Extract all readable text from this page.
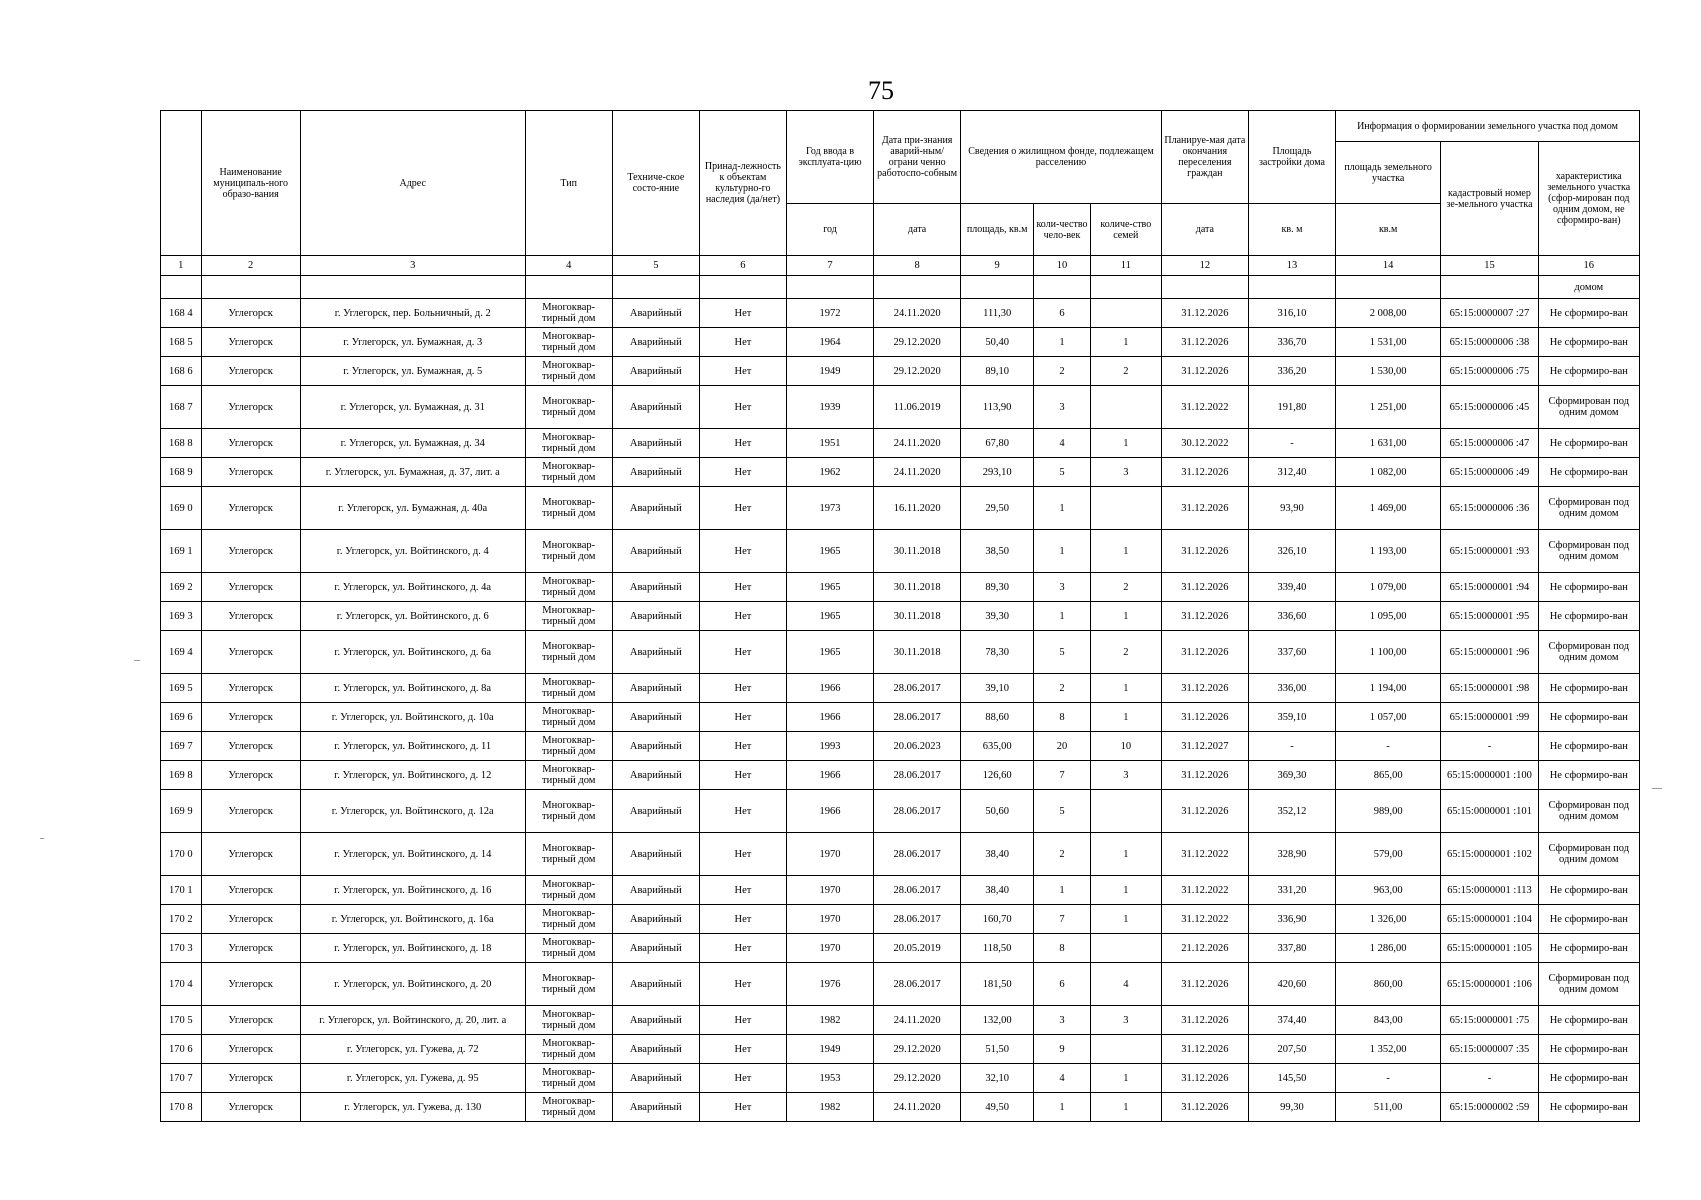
75
	Наименование муниципаль-ного образо-вания	Адрес	Тип	Техниче-ское состо-яние	Принад-лежность к объектам культурно-го наследия (да/нет)	Год ввода в эксплуата-цию	Дата при-знания аварий-ным/ограни ченно работоспо-собным	Сведения о жилищном фонде, подлежащем расселению			Планируе-мая дата окончания переселения граждан	Площадь застройки дома	Информация о формировании земельного участка под домом		
													площадь земельного участка	кадастровый номер зе-мельного участка	характеристика земельного участка (сфор-мирован под одним домом, не сформиро-ван)
						год	дата	площадь, кв.м	коли-чество чело-век	количе-ство семей	дата	кв. м	кв.м		
1	2	3	4	5	6	7	8	9	10	11	12	13	14	15	16
															домом
168 4	Углегорск	г. Углегорск, пер. Больничный, д. 2	Многоквар-тирный дом	Аварийный	Нет	1972	24.11.2020	111,30	6		31.12.2026	316,10	2 008,00	65:15:0000007 :27	Не сформиро-ван
168 5	Углегорск	г. Углегорск, ул. Бумажная, д. 3	Многоквар-тирный дом	Аварийный	Нет	1964	29.12.2020	50,40	1	1	31.12.2026	336,70	1 531,00	65:15:0000006 :38	Не сформиро-ван
168 6	Углегорск	г. Углегорск, ул. Бумажная, д. 5	Многоквар-тирный дом	Аварийный	Нет	1949	29.12.2020	89,10	2	2	31.12.2026	336,20	1 530,00	65:15:0000006 :75	Не сформиро-ван
168 7	Углегорск	г. Углегорск, ул. Бумажная, д. 31	Многоквар-тирный дом	Аварийный	Нет	1939	11.06.2019	113,90	3		31.12.2022	191,80	1 251,00	65:15:0000006 :45	Сформирован под одним домом
168 8	Углегорск	г. Углегорск, ул. Бумажная, д. 34	Многоквар-тирный дом	Аварийный	Нет	1951	24.11.2020	67,80	4	1	30.12.2022	-	1 631,00	65:15:0000006 :47	Не сформиро-ван
168 9	Углегорск	г. Углегорск, ул. Бумажная, д. 37, лит. а	Многоквар-тирный дом	Аварийный	Нет	1962	24.11.2020	293,10	5	3	31.12.2026	312,40	1 082,00	65:15:0000006 :49	Не сформиро-ван
169 0	Углегорск	г. Углегорск, ул. Бумажная, д. 40а	Многоквар-тирный дом	Аварийный	Нет	1973	16.11.2020	29,50	1		31.12.2026	93,90	1 469,00	65:15:0000006 :36	Сформирован под одним домом
169 1	Углегорск	г. Углегорск, ул. Войтинского, д. 4	Многоквар-тирный дом	Аварийный	Нет	1965	30.11.2018	38,50	1	1	31.12.2026	326,10	1 193,00	65:15:0000001 :93	Сформирован под одним домом
169 2	Углегорск	г. Углегорск, ул. Войтинского, д. 4а	Многоквар-тирный дом	Аварийный	Нет	1965	30.11.2018	89,30	3	2	31.12.2026	339,40	1 079,00	65:15:0000001 :94	Не сформиро-ван
169 3	Углегорск	г. Углегорск, ул. Войтинского, д. 6	Многоквар-тирный дом	Аварийный	Нет	1965	30.11.2018	39,30	1	1	31.12.2026	336,60	1 095,00	65:15:0000001 :95	Не сформиро-ван
169 4	Углегорск	г. Углегорск, ул. Войтинского, д. 6а	Многоквар-тирный дом	Аварийный	Нет	1965	30.11.2018	78,30	5	2	31.12.2026	337,60	1 100,00	65:15:0000001 :96	Сформирован под одним домом
169 5	Углегорск	г. Углегорск, ул. Войтинского, д. 8а	Многоквар-тирный дом	Аварийный	Нет	1966	28.06.2017	39,10	2	1	31.12.2026	336,00	1 194,00	65:15:0000001 :98	Не сформиро-ван
169 6	Углегорск	г. Углегорск, ул. Войтинского, д. 10а	Многоквар-тирный дом	Аварийный	Нет	1966	28.06.2017	88,60	8	1	31.12.2026	359,10	1 057,00	65:15:0000001 :99	Не сформиро-ван
169 7	Углегорск	г. Углегорск, ул. Войтинского, д. 11	Многоквар-тирный дом	Аварийный	Нет	1993	20.06.2023	635,00	20	10	31.12.2027	-	-	-	Не сформиро-ван
169 8	Углегорск	г. Углегорск, ул. Войтинского, д. 12	Многоквар-тирный дом	Аварийный	Нет	1966	28.06.2017	126,60	7	3	31.12.2026	369,30	865,00	65:15:0000001 :100	Не сформиро-ван
169 9	Углегорск	г. Углегорск, ул. Войтинского, д. 12а	Многоквар-тирный дом	Аварийный	Нет	1966	28.06.2017	50,60	5		31.12.2026	352,12	989,00	65:15:0000001 :101	Сформирован под одним домом
170 0	Углегорск	г. Углегорск, ул. Войтинского, д. 14	Многоквар-тирный дом	Аварийный	Нет	1970	28.06.2017	38,40	2	1	31.12.2022	328,90	579,00	65:15:0000001 :102	Сформирован под одним домом
170 1	Углегорск	г. Углегорск, ул. Войтинского, д. 16	Многоквар-тирный дом	Аварийный	Нет	1970	28.06.2017	38,40	1	1	31.12.2022	331,20	963,00	65:15:0000001 :113	Не сформиро-ван
170 2	Углегорск	г. Углегорск, ул. Войтинского, д. 16а	Многоквар-тирный дом	Аварийный	Нет	1970	28.06.2017	160,70	7	1	31.12.2022	336,90	1 326,00	65:15:0000001 :104	Не сформиро-ван
170 3	Углегорск	г. Углегорск, ул. Войтинского, д. 18	Многоквар-тирный дом	Аварийный	Нет	1970	20.05.2019	118,50	8		21.12.2026	337,80	1 286,00	65:15:0000001 :105	Не сформиро-ван
170 4	Углегорск	г. Углегорск, ул. Войтинского, д. 20	Многоквар-тирный дом	Аварийный	Нет	1976	28.06.2017	181,50	6	4	31.12.2026	420,60	860,00	65:15:0000001 :106	Сформирован под одним домом
170 5	Углегорск	г. Углегорск, ул. Войтинского, д. 20, лит. а	Многоквар-тирный дом	Аварийный	Нет	1982	24.11.2020	132,00	3	3	31.12.2026	374,40	843,00	65:15:0000001 :75	Не сформиро-ван
170 6	Углегорск	г. Углегорск, ул. Гужева, д. 72	Многоквар-тирный дом	Аварийный	Нет	1949	29.12.2020	51,50	9		31.12.2026	207,50	1 352,00	65:15:0000007 :35	Не сформиро-ван
170 7	Углегорск	г. Углегорск, ул. Гужева, д. 95	Многоквар-тирный дом	Аварийный	Нет	1953	29.12.2020	32,10	4	1	31.12.2026	145,50	-	-	Не сформиро-ван
170 8	Углегорск	г. Углегорск, ул. Гужева, д. 130	Многоквар-тирный дом	Аварийный	Нет	1982	24.11.2020	49,50	1	1	31.12.2026	99,30	511,00	65:15:0000002 :59	Не сформиро-ван
